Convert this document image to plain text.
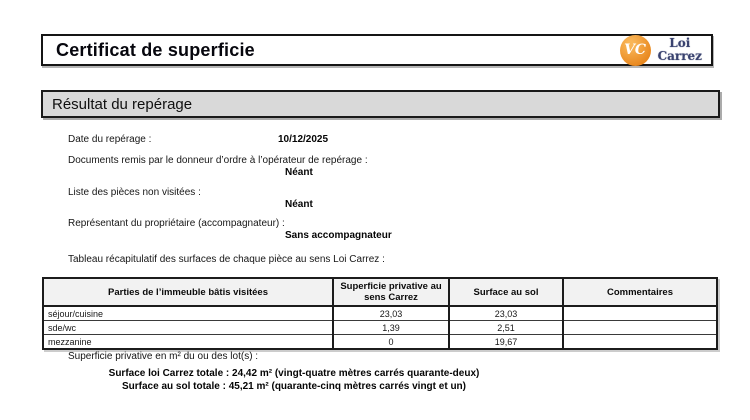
Certificat de superficie	VC	Loi
Carrez
Résultat du repérage
Date du repérage :	10/12/2025
Documents remis par le donneur d’ordre à l’opérateur de repérage :
Néant
Liste des pièces non visitées :
Néant
Représentant du propriétaire (accompagnateur) :
Sans accompagnateur
Tableau récapitulatif des surfaces de chaque pièce au sens Loi Carrez :
Parties de l’immeuble bâtis visitées	Superficie privative au sens Carrez	Surface au sol	Commentaires
séjour/cuisine	23,03	23,03	
sde/wc	1,39	2,51	
mezzanine	0	19,67	
Superficie privative en m² du ou des lot(s) :
Surface loi Carrez totale : 24,42 m² (vingt-quatre mètres carrés quarante-deux)
Surface au sol totale : 45,21 m² (quarante-cinq mètres carrés vingt et un)
